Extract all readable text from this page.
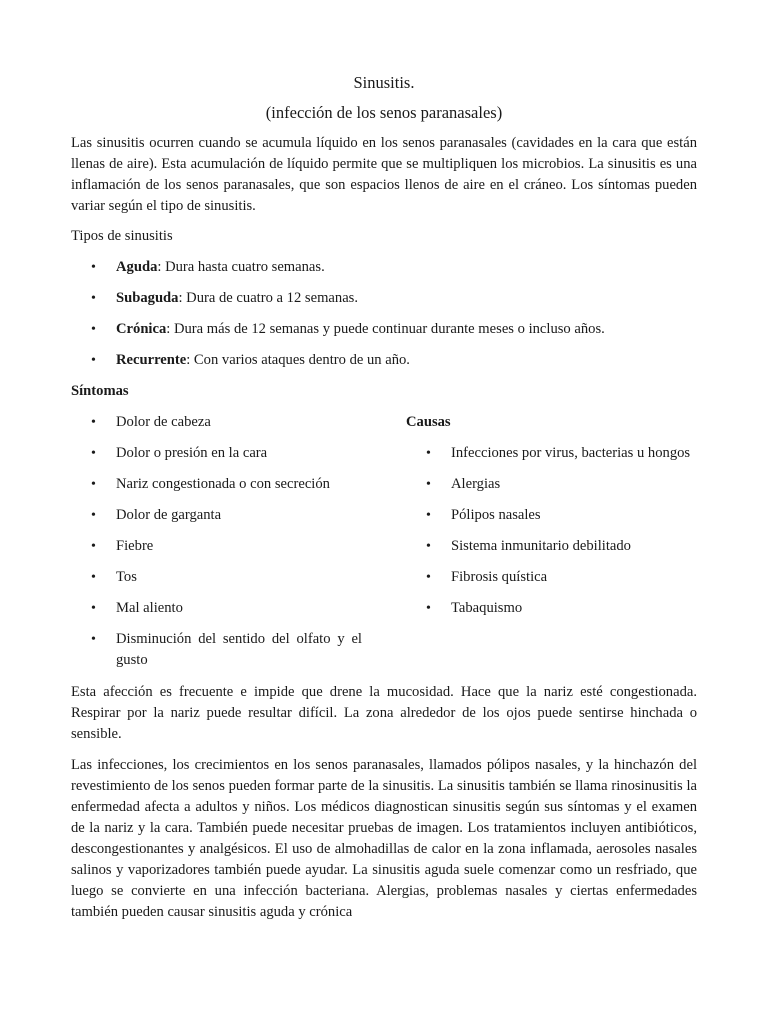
Sinusitis.
(infección de los senos paranasales)

Las sinusitis ocurren cuando se acumula líquido en los senos paranasales (cavidades en la cara que están llenas de aire). Esta acumulación de líquido permite que se multipliquen los microbios. La sinusitis es una inflamación de los senos paranasales, que son espacios llenos de aire en el cráneo. Los síntomas pueden variar según el tipo de sinusitis.

Tipos de sinusitis

• Aguda: Dura hasta cuatro semanas.
• Subaguda: Dura de cuatro a 12 semanas.
• Crónica: Dura más de 12 semanas y puede continuar durante meses o incluso años.
• Recurrente: Con varios ataques dentro de un año.
Síntomas
• Dolor de cabeza
• Dolor o presión en la cara
• Nariz congestionada o con secreción
• Dolor de garganta
• Fiebre
• Tos
• Mal aliento
• Disminución del sentido del olfato y el gusto
Causas
• Infecciones por virus, bacterias u hongos
• Alergias
• Pólipos nasales
• Sistema inmunitario debilitado
• Fibrosis quística
• Tabaquismo

Esta afección es frecuente e impide que drene la mucosidad. Hace que la nariz esté congestionada. Respirar por la nariz puede resultar difícil. La zona alrededor de los ojos puede sentirse hinchada o sensible.

Las infecciones, los crecimientos en los senos paranasales, llamados pólipos nasales, y la hinchazón del revestimiento de los senos pueden formar parte de la sinusitis. La sinusitis también se llama rinosinusitis la enfermedad afecta a adultos y niños. Los médicos diagnostican sinusitis según sus síntomas y el examen de la nariz y la cara. También puede necesitar pruebas de imagen. Los tratamientos incluyen antibióticos, descongestionantes y analgésicos. El uso de almohadillas de calor en la zona inflamada, aerosoles nasales salinos y vaporizadores también puede ayudar. La sinusitis aguda suele comenzar como un resfriado, que luego se convierte en una infección bacteriana. Alergias, problemas nasales y ciertas enfermedades también pueden causar sinusitis aguda y crónica
